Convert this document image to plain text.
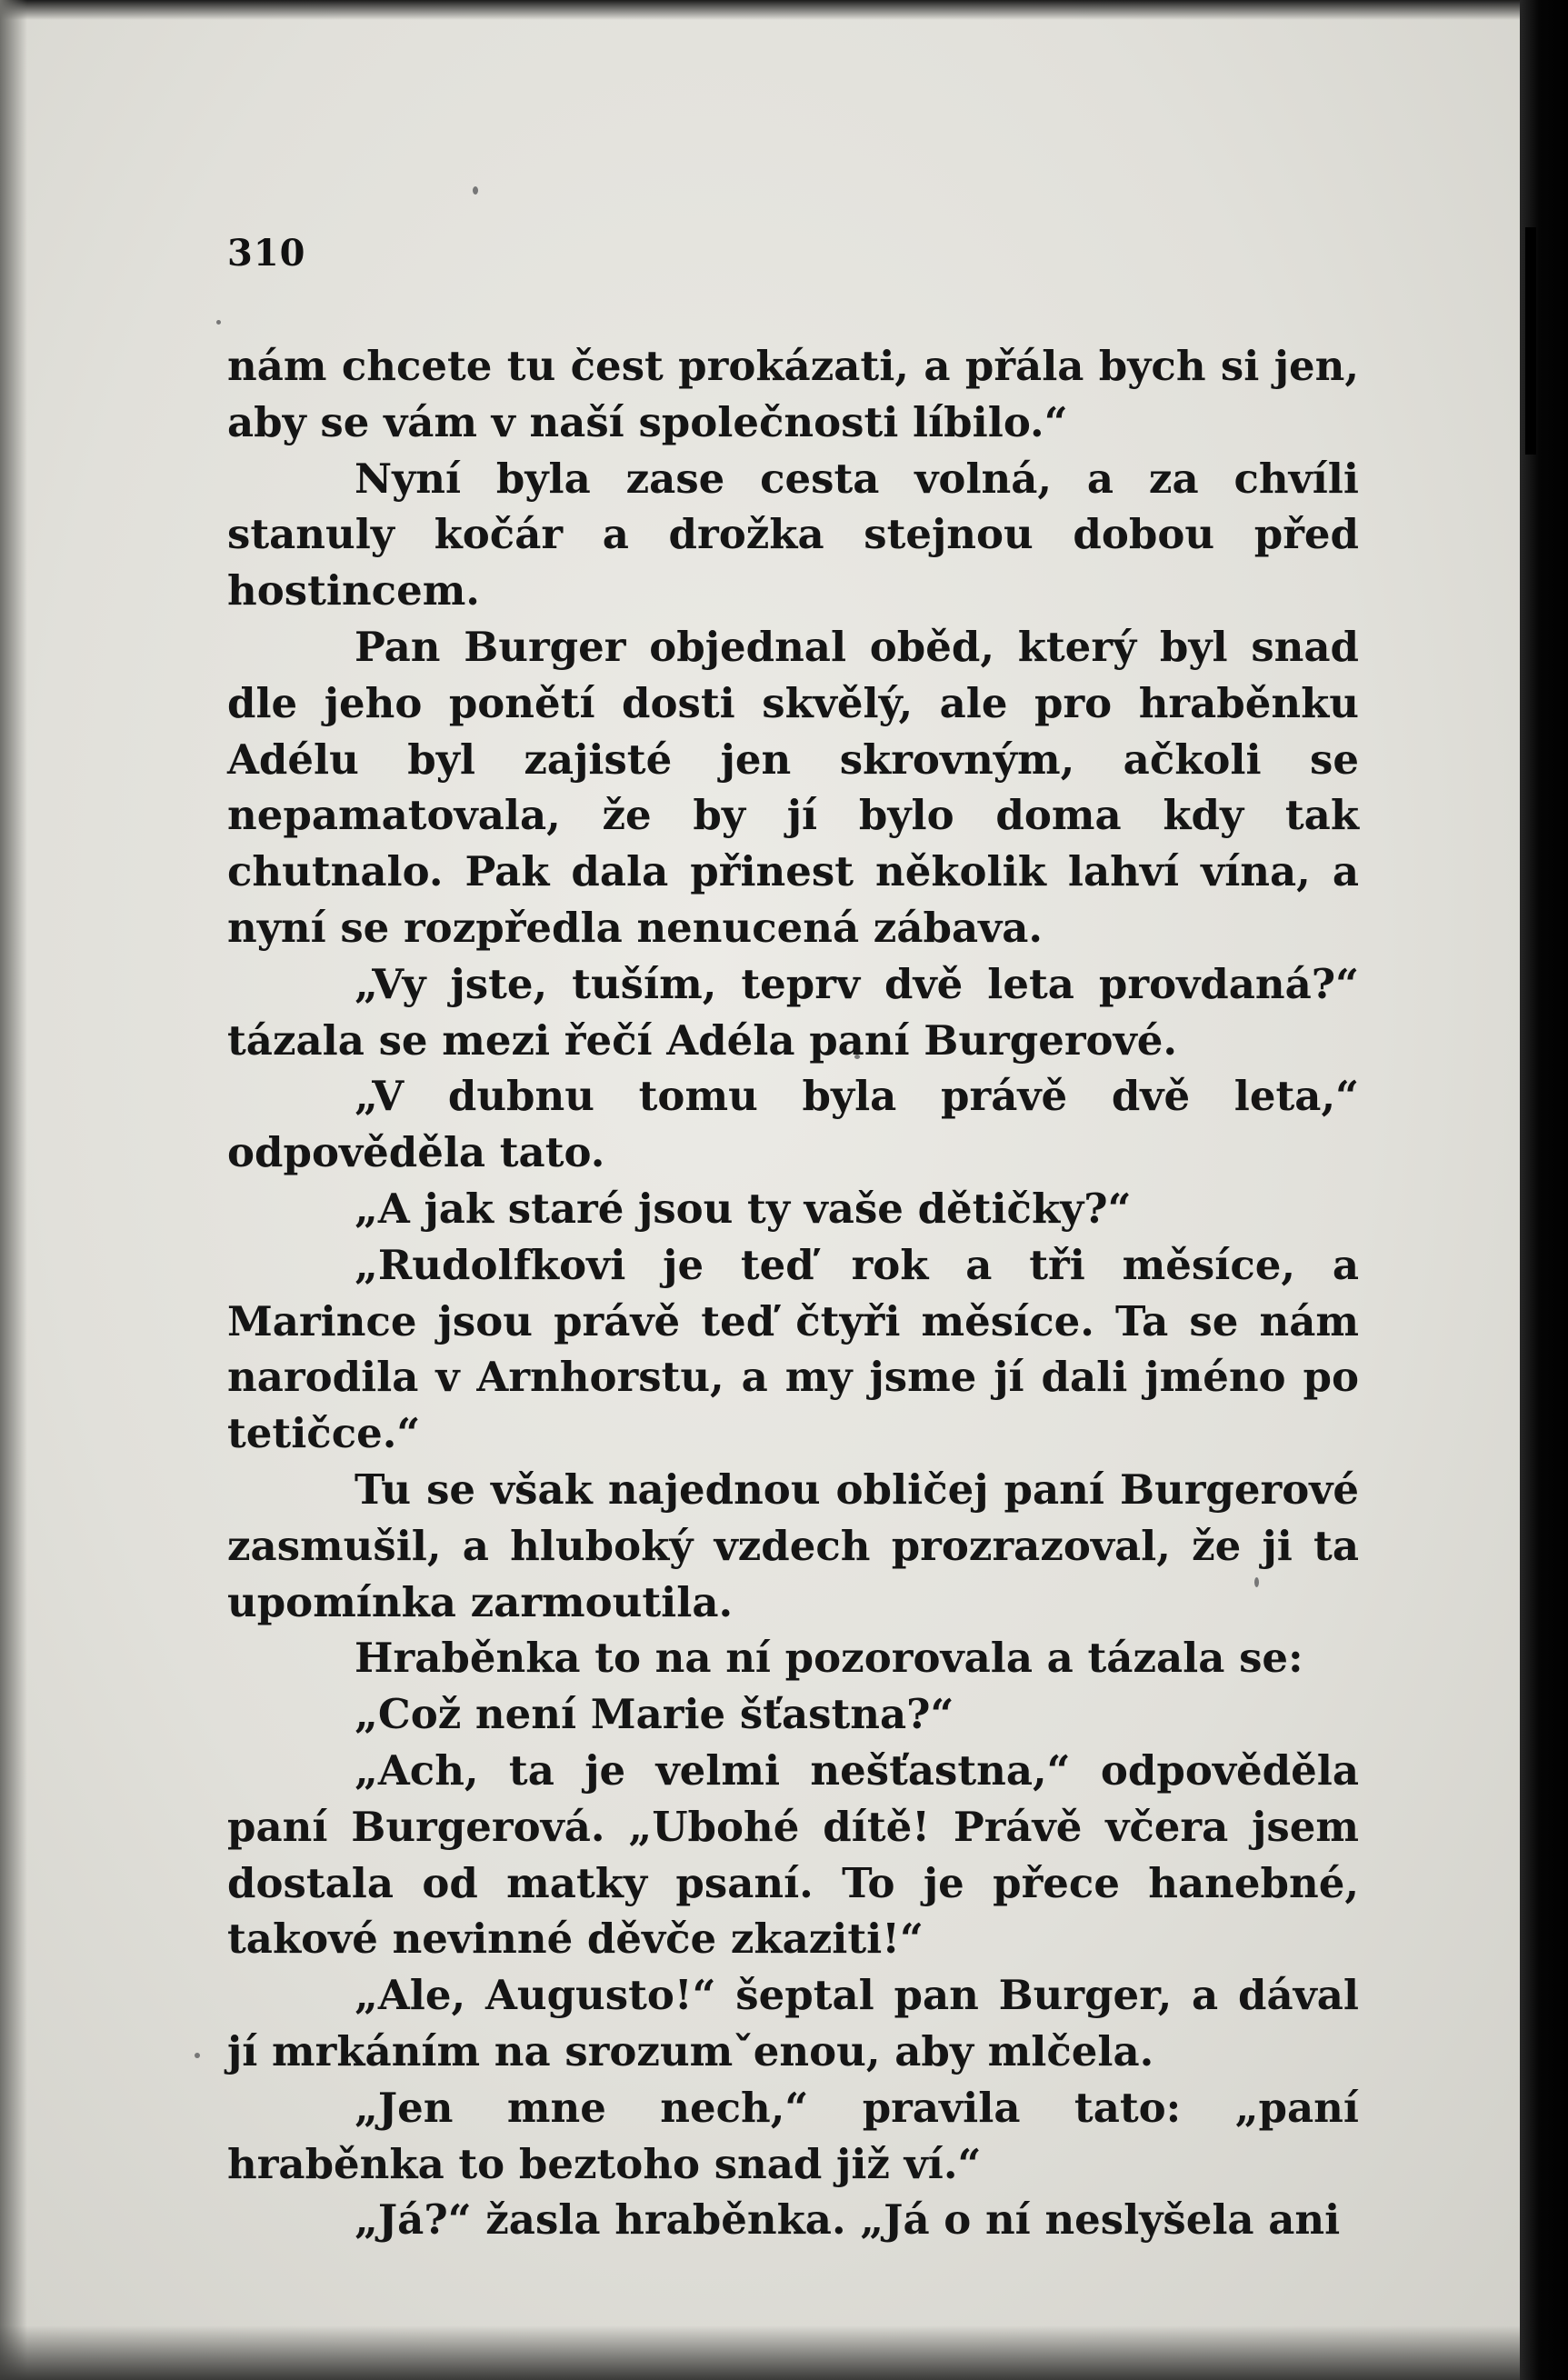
310

nám chcete tu čest prokázati, a přála bych si jen, aby se vám v naší společnosti líbilo.“

Nyní byla zase cesta volná, a za chvíli stanuly kočár a drožka stejnou dobou před hostincem.

Pan Burger objednal oběd, který byl snad dle jeho ponětí dosti skvělý, ale pro hraběnku Adélu byl zajisté jen skrovným, ačkoli se nepamatovala, že by jí bylo doma kdy tak chutnalo. Pak dala přinest několik lahví vína, a nyní se rozpředla nenucená zábava.

„Vy jste, tuším, teprv dvě leta provdaná?“ tázala se mezi řečí Adéla paní Burgerové.

„V dubnu tomu byla právě dvě leta,“ odpověděla tato.

„A jak staré jsou ty vaše dětičky?“

„Rudolfkovi je teď rok a tři měsíce, a Marince jsou právě teď čtyři měsíce. Ta se nám narodila v Arnhorstu, a my jsme jí dali jméno po tetičce.“

Tu se však najednou obličej paní Burgerové zasmušil, a hluboký vzdech prozrazoval, že ji ta upomínka zarmoutila.

Hraběnka to na ní pozorovala a tázala se:

„Což není Marie šťastna?“

„Ach, ta je velmi nešťastna,“ odpověděla paní Burgerová. „Ubohé dítě! Právě včera jsem dostala od matky psaní. To je přece hanebné, takové nevinné děvče zkaziti!“

„Ale, Augusto!“ šeptal pan Burger, a dával jí mrkáním na srozumˇenou, aby mlčela.

„Jen mne nech,“ pravila tato: „paní hraběnka to beztoho snad již ví.“

„Já?“ žasla hraběnka. „Já o ní neslyšela ani
